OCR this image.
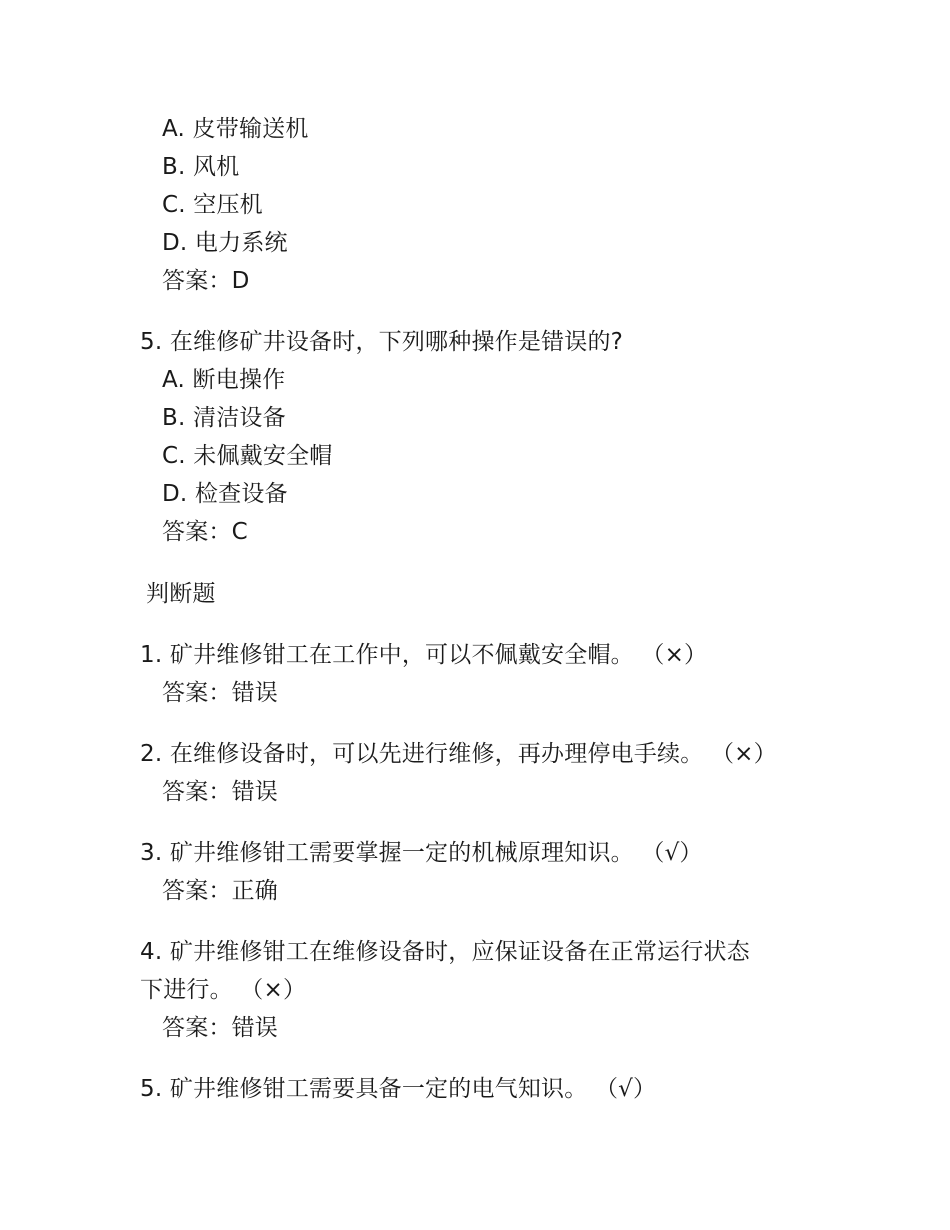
A. 皮带输送机
B. 风机
C. 空压机
D. 电力系统
答案：D
5. 在维修矿井设备时，下列哪种操作是错误的?
A. 断电操作
B. 清洁设备
C. 未佩戴安全帽
D. 检查设备
答案：C
判断题
1. 矿井维修钳工在工作中，可以不佩戴安全帽。 （×）
答案：错误
2. 在维修设备时，可以先进行维修，再办理停电手续。 （×）
答案：错误
3. 矿井维修钳工需要掌握一定的机械原理知识。 （√）
答案：正确
4. 矿井维修钳工在维修设备时，应保证设备在正常运行状态
下进行。 （×）
答案：错误
5. 矿井维修钳工需要具备一定的电气知识。 （√）
